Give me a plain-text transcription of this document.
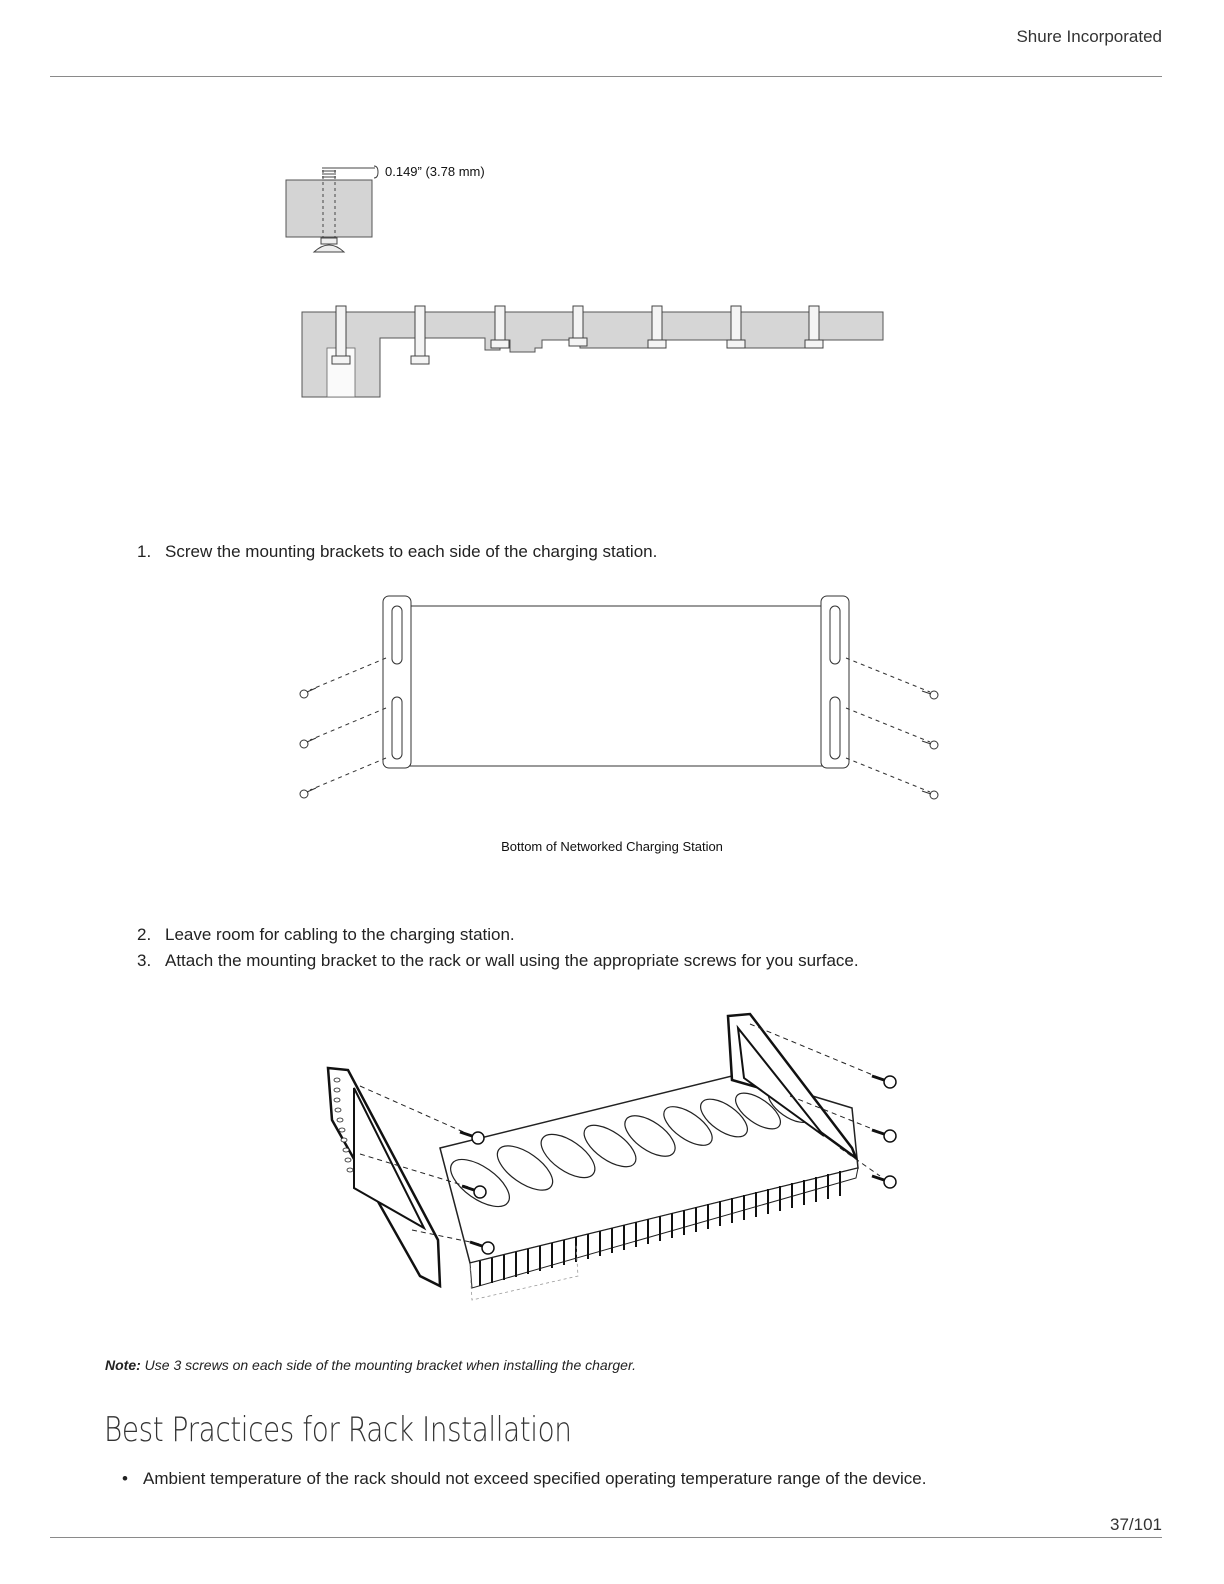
Shure Incorporated
0.149” (3.78 mm)
1. Screw the mounting brackets to each side of the charging station.
Bottom of Networked Charging Station
2. Leave room for cabling to the charging station.
3. Attach the mounting bracket to the rack or wall using the appropriate screws for you surface.
Note: Use 3 screws on each side of the mounting bracket when installing the charger.
Best Practices for Rack Installation
• Ambient temperature of the rack should not exceed specified operating temperature range of the device.
37/101
